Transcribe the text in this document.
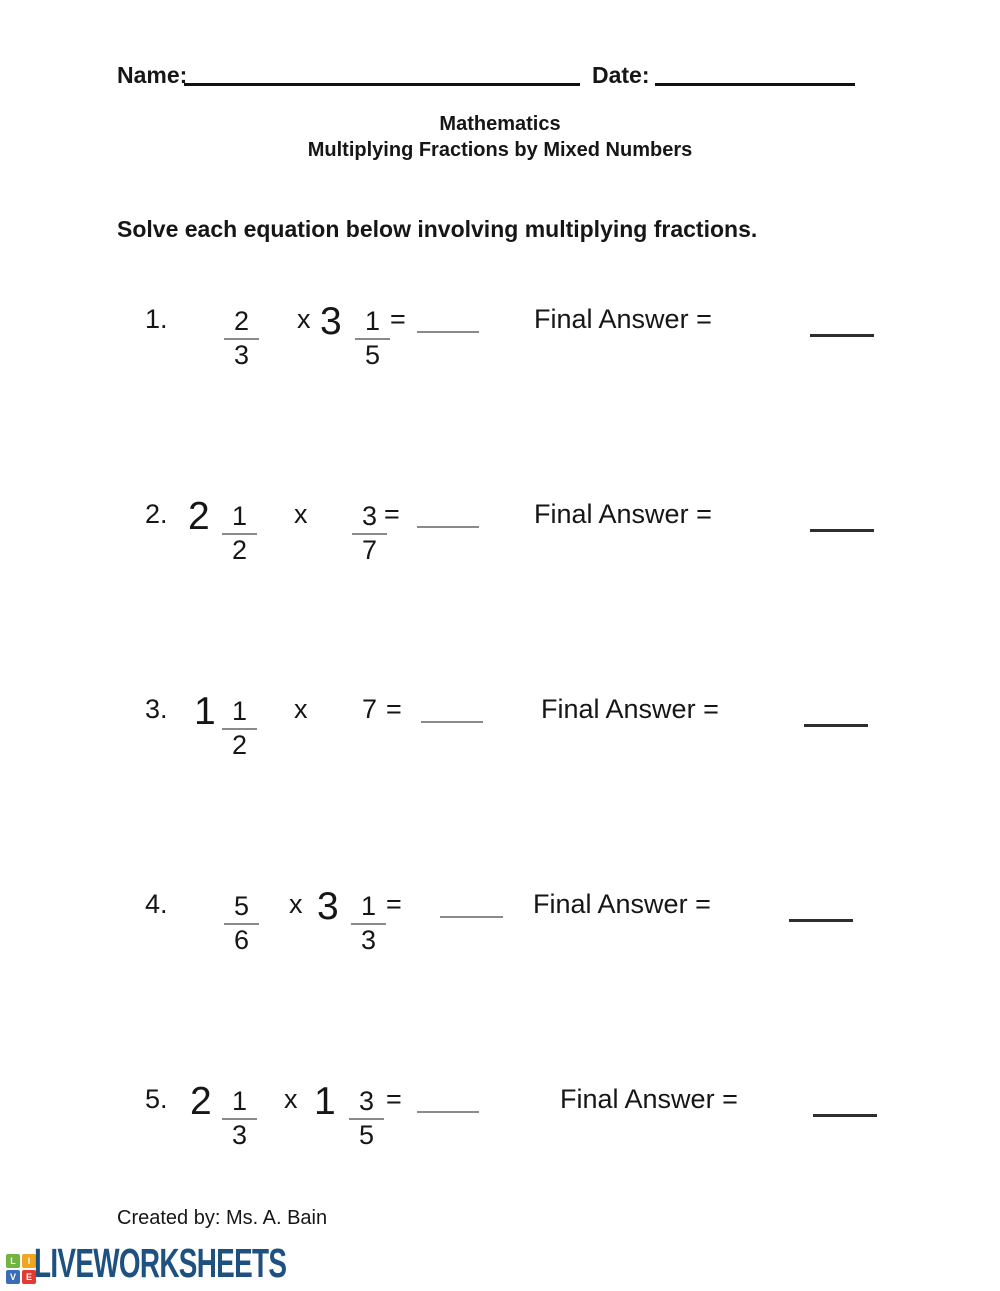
Name:	Date:
Mathematics
Multiplying Fractions by Mixed Numbers
Solve each equation below involving multiplying fractions.
1. $\frac{2}{3}$ x $3 \frac{1}{5}$ =	Final Answer =
2. $2 \frac{1}{2}$ x $\frac{3}{7}$
=	Final Answer =
3. $1 \frac{1}{2}$ x 7 =	Final Answer =
4. $\frac{5}{6}$ x $3 \frac{1}{3}$ =	Final Answer =
5. $2 \frac{1}{3}$ x $1 \frac{3}{5}$ =	Final Answer =
Created by: Ms. A. Bain
L	I
V	E LIVEWORKSHEETS
